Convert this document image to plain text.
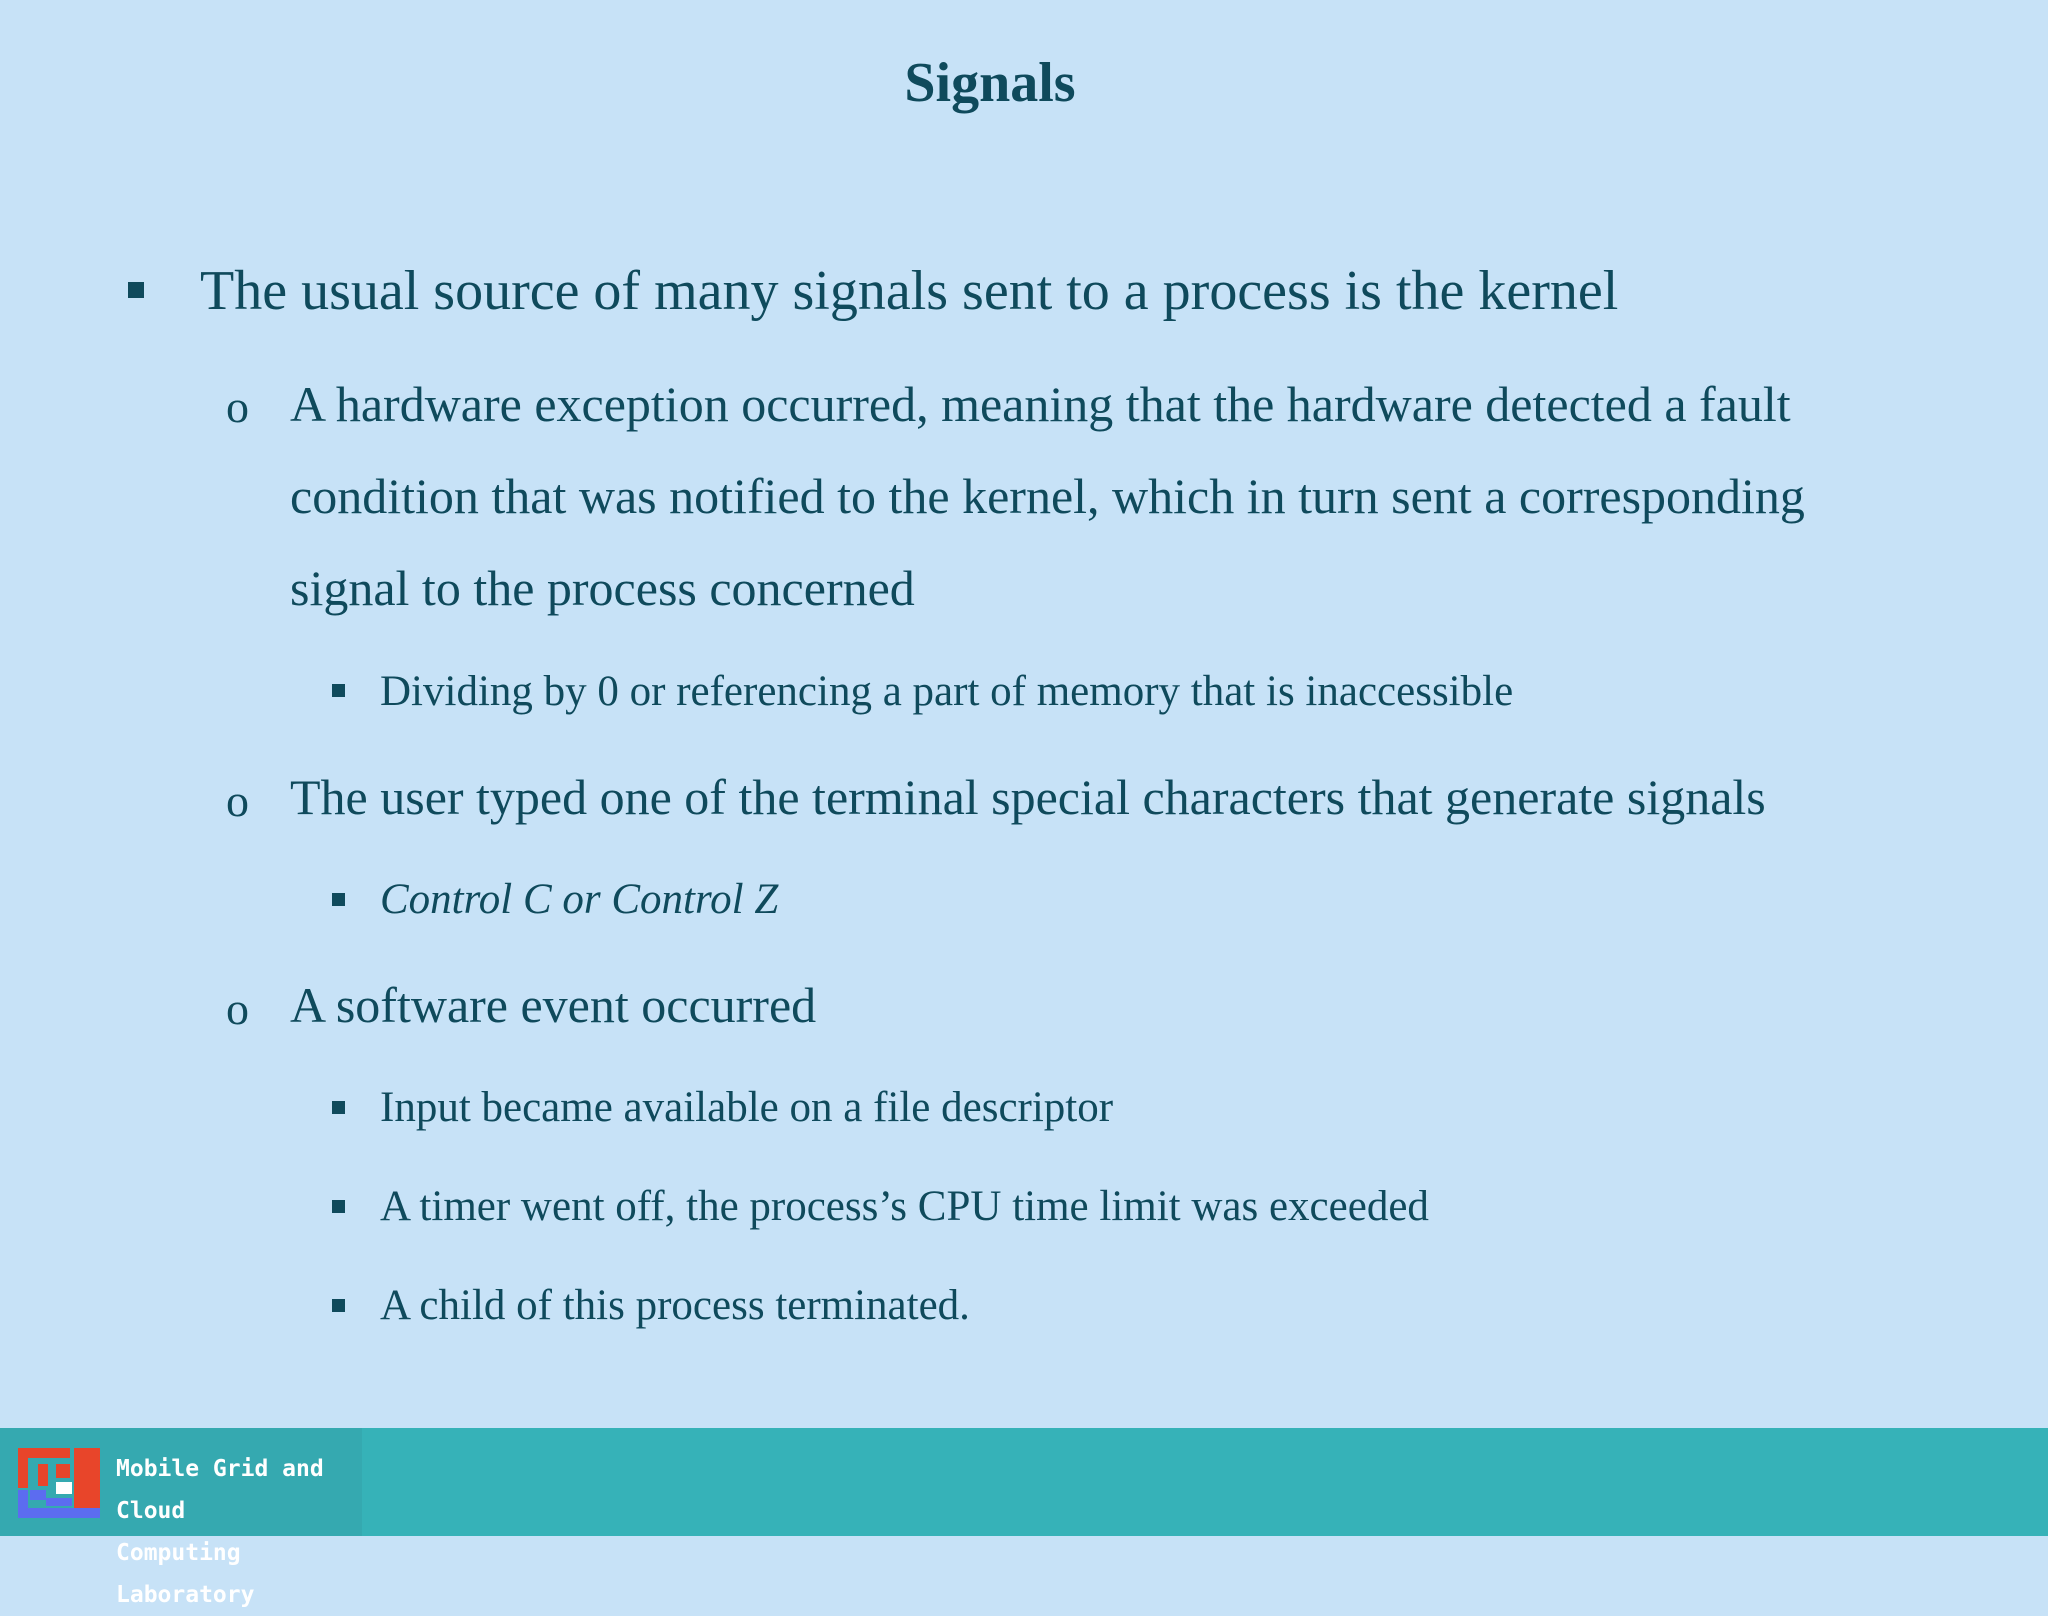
Signals
The usual source of many signals sent to a process is the kernel
o A hardware exception occurred, meaning that the hardware detected a fault condition that was notified to the kernel, which in turn sent a corresponding signal to the process concerned
Dividing by 0 or referencing a part of memory that is inaccessible
o The user typed one of the terminal special characters that generate signals
Control C or Control Z
o A software event occurred
Input became available on a file descriptor
A timer went off, the process’s CPU time limit was exceeded
A child of this process terminated.
Mobile Grid and Cloud
Computing Laboratory
